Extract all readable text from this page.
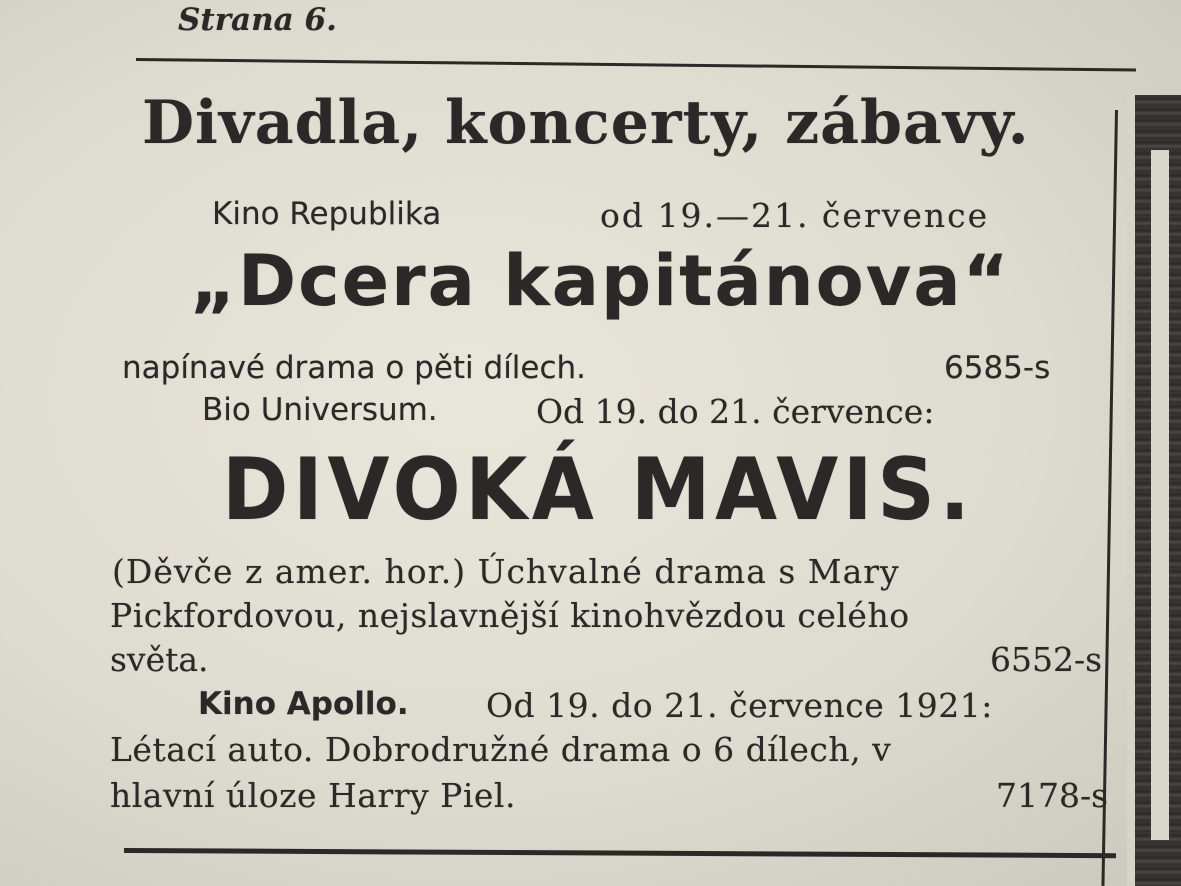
Strana 6.

Divadla, koncerty, zábavy.

Kino Republika	od 19.—21. července

„Dcera kapitánova“

napínavé drama o pěti dílech.	6585-s

Bio Universum.	Od 19. do 21. července:

DIVOKÁ MAVIS.

(Děvče z amer. hor.) Úchvalné drama s Mary

Pickfordovou, nejslavnější kinohvězdou celého

světa.	6552-s

Kino Apollo. Od 19. do 21. července 1921:

Létací auto. Dobrodružné drama o 6 dílech, v

hlavní úloze Harry Piel.	7178-s
